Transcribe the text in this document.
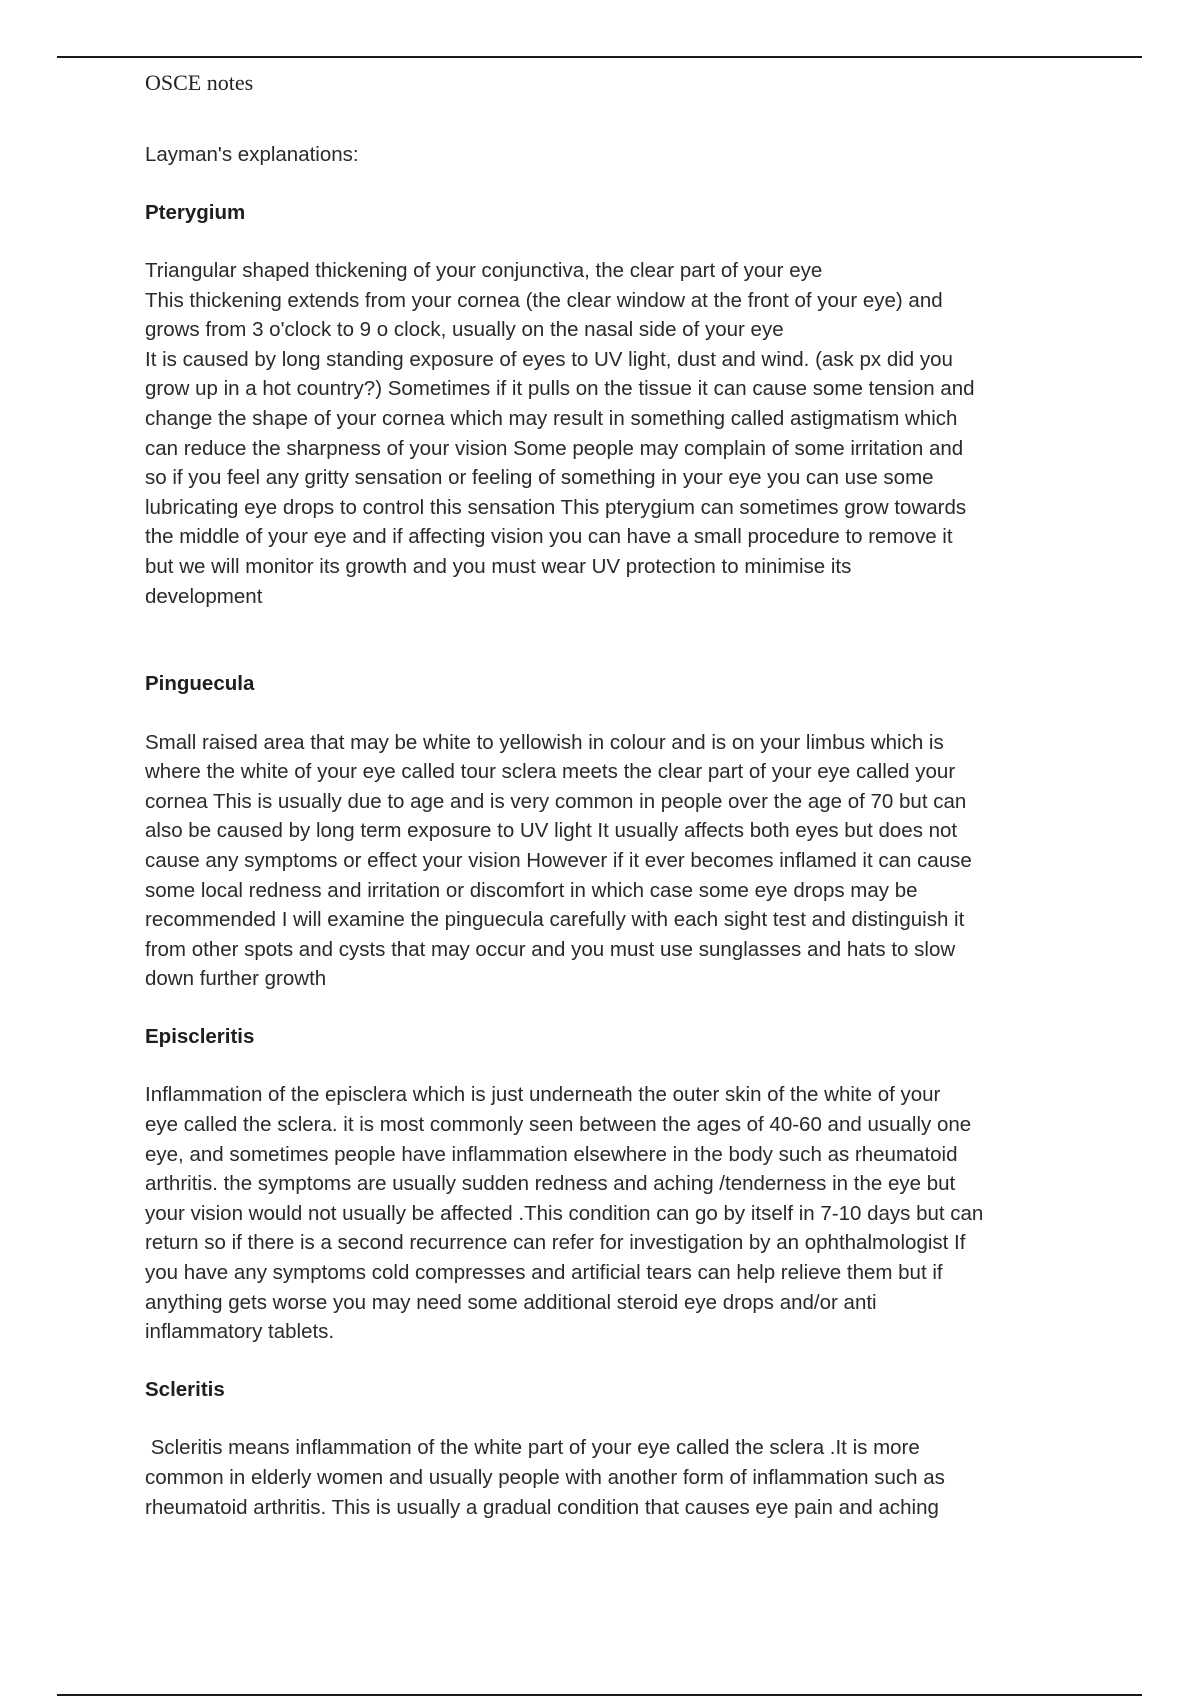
OSCE notes
Layman's explanations:
Pterygium
Triangular shaped thickening of your conjunctiva, the clear part of your eye
This thickening extends from your cornea (the clear window at the front of your eye) and
grows from 3 o'clock to 9 o clock, usually on the nasal side of your eye
It is caused by long standing exposure of eyes to UV light, dust and wind. (ask px did you
grow up in a hot country?) Sometimes if it pulls on the tissue it can cause some tension and
change the shape of your cornea which may result in something called astigmatism which
can reduce the sharpness of your vision Some people may complain of some irritation and
so if you feel any gritty sensation or feeling of something in your eye you can use some
lubricating eye drops to control this sensation This pterygium can sometimes grow towards
the middle of your eye and if affecting vision you can have a small procedure to remove it
but we will monitor its growth and you must wear UV protection to minimise its
development
Pinguecula
Small raised area that may be white to yellowish in colour and is on your limbus which is
where the white of your eye called tour sclera meets the clear part of your eye called your
cornea This is usually due to age and is very common in people over the age of 70 but can
also be caused by long term exposure to UV light It usually affects both eyes but does not
cause any symptoms or effect your vision However if it ever becomes inflamed it can cause
some local redness and irritation or discomfort in which case some eye drops may be
recommended I will examine the pinguecula carefully with each sight test and distinguish it
from other spots and cysts that may occur and you must use sunglasses and hats to slow
down further growth
Episcleritis
Inflammation of the episclera which is just underneath the outer skin of the white of your
eye called the sclera. it is most commonly seen between the ages of 40-60 and usually one
eye, and sometimes people have inflammation elsewhere in the body such as rheumatoid
arthritis. the symptoms are usually sudden redness and aching /tenderness in the eye but
your vision would not usually be affected .This condition can go by itself in 7-10 days but can
return so if there is a second recurrence can refer for investigation by an ophthalmologist If
you have any symptoms cold compresses and artificial tears can help relieve them but if
anything gets worse you may need some additional steroid eye drops and/or anti
inflammatory tablets.
Scleritis
Scleritis means inflammation of the white part of your eye called the sclera .It is more
common in elderly women and usually people with another form of inflammation such as
rheumatoid arthritis. This is usually a gradual condition that causes eye pain and aching
